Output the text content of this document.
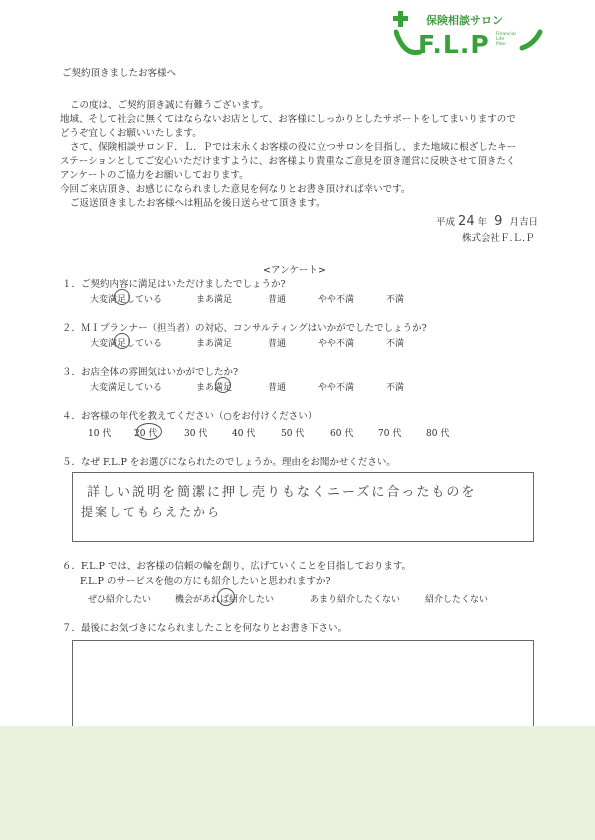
保険相談サロン
F.L.P Financial
Life
Plan
ご契約頂きましたお客様へ
この度は、ご契約頂き誠に有難うございます。
地域、そして社会に無くてはならないお店として、お客様にしっかりとしたサポートをしてまいりますので
どうぞ宜しくお願いいたします。
さて、保険相談サロンＦ．Ｌ．Ｐでは末永くお客様の役に立つサロンを目指し、また地域に根ざしたキー
ステーションとしてご安心いただけますように、お客様より貴重なご意見を頂き運営に反映させて頂きたく
アンケートのご協力をお願いしております。
今回ご来店頂き、お感じになられました意見を何なりとお書き頂ければ幸いです。
ご返送頂きましたお客様へは粗品を後日送らせて頂きます。
平成 24 年 9 月吉日
株式会社Ｆ.Ｌ.Ｐ
<アンケート>
１．ご契約内容に満足はいただけましたでしょうか?
大変満足している	まあ満足	普通	やや不満	不満
２．ＭＩプランナー（担当者）の対応、コンサルティングはいかがでしたでしょうか?
大変満足している	まあ満足	普通	やや不満	不満
３．お店全体の雰囲気はいかがでしたか?
大変満足している	まあ満足	普通	やや不満	不満
４．お客様の年代を教えてください（○をお付けください）
10 代	20 代	30 代	40 代	50 代	60 代	70 代	80 代
５．なぜ F.L.P をお選びになられたのでしょうか。理由をお聞かせください。
詳しい説明を簡潔に押し売りもなくニーズに合ったものを
提案してもらえたから
６．F.L.P では、お客様の信頼の輪を創り、広げていくことを目指しております。
F.L.P のサービスを他の方にも紹介したいと思われますか?
ぜひ紹介したい	機会があれば紹介したい	あまり紹介したくない	紹介したくない
７．最後にお気づきになられましたことを何なりとお書き下さい。
